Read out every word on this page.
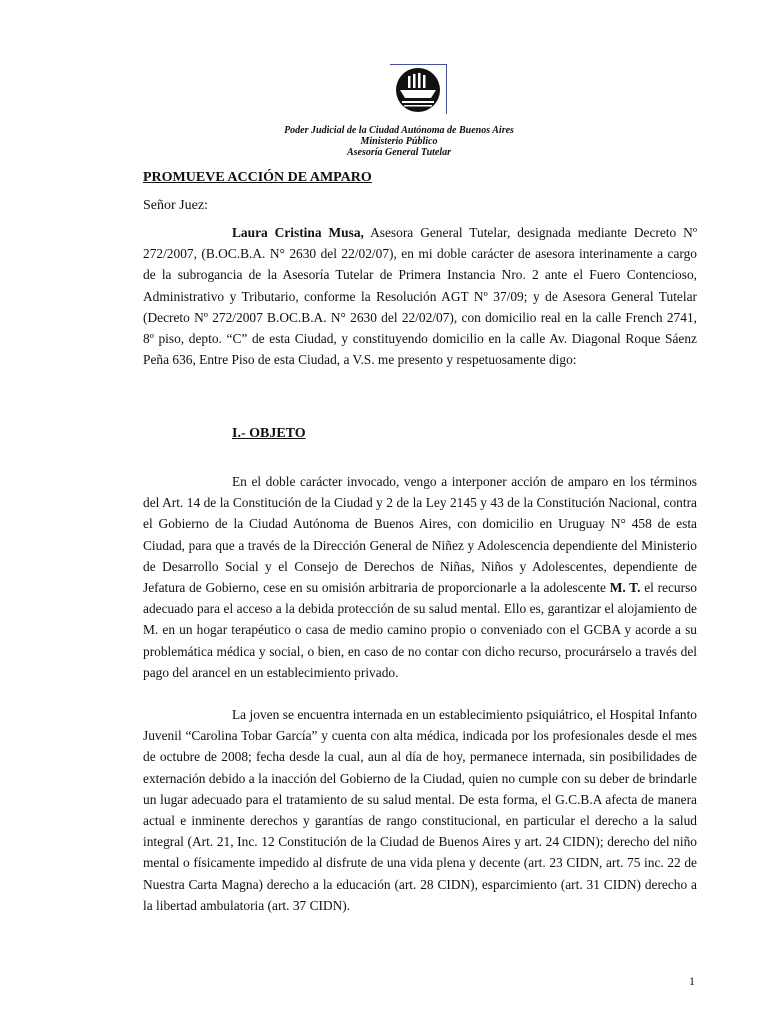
Poder Judicial de la Ciudad Autónoma de Buenos Aires
Ministerio Público
Asesoría General Tutelar
PROMUEVE ACCIÓN DE AMPARO
Señor Juez:

Laura Cristina Musa, Asesora General Tutelar, designada mediante Decreto Nº 272/2007, (B.OC.B.A. N° 2630 del 22/02/07), en mi doble carácter de asesora interinamente a cargo de la subrogancia de la Asesoría Tutelar de Primera Instancia Nro. 2 ante el Fuero Contencioso, Administrativo y Tributario, conforme la Resolución AGT Nº 37/09; y de Asesora General Tutelar (Decreto Nº 272/2007 B.OC.B.A. N° 2630 del 22/02/07), con domicilio real en la calle French 2741, 8º piso, depto. “C” de esta Ciudad, y constituyendo domicilio en la calle Av. Diagonal Roque Sáenz Peña 636, Entre Piso de esta Ciudad, a V.S. me presento y respetuosamente digo:

I.- OBJETO

En el doble carácter invocado, vengo a interponer acción de amparo en los términos del Art. 14 de la Constitución de la Ciudad y 2 de la Ley 2145 y 43 de la Constitución Nacional, contra el Gobierno de la Ciudad Autónoma de Buenos Aires, con domicilio en Uruguay N° 458 de esta Ciudad, para que a través de la Dirección General de Niñez y Adolescencia dependiente del Ministerio de Desarrollo Social y el Consejo de Derechos de Niñas, Niños y Adolescentes, dependiente de Jefatura de Gobierno, cese en su omisión arbitraria de proporcionarle a la adolescente M. T. el recurso adecuado para el acceso a la debida protección de su salud mental. Ello es, garantizar el alojamiento de M. en un hogar terapéutico o casa de medio camino propio o conveniado con el GCBA y acorde a su problemática médica y social, o bien, en caso de no contar con dicho recurso, procurárselo a través del pago del arancel en un establecimiento privado.

La joven se encuentra internada en un establecimiento psiquiátrico, el Hospital Infanto Juvenil “Carolina Tobar García” y cuenta con alta médica, indicada por los profesionales desde el mes de octubre de 2008; fecha desde la cual, aun al día de hoy, permanece internada, sin posibilidades de externación debido a la inacción del Gobierno de la Ciudad, quien no cumple con su deber de brindarle un lugar adecuado para el tratamiento de su salud mental. De esta forma, el G.C.B.A afecta de manera actual e inminente derechos y garantías de rango constitucional, en particular el derecho a la salud integral (Art. 21, Inc. 12 Constitución de la Ciudad de Buenos Aires y art. 24 CIDN); derecho del niño mental o físicamente impedido al disfrute de una vida plena y decente (art. 23 CIDN, art. 75 inc. 22 de Nuestra Carta Magna) derecho a la educación (art. 28 CIDN), esparcimiento (art. 31 CIDN) derecho a la libertad ambulatoria (art. 37 CIDN).

1
